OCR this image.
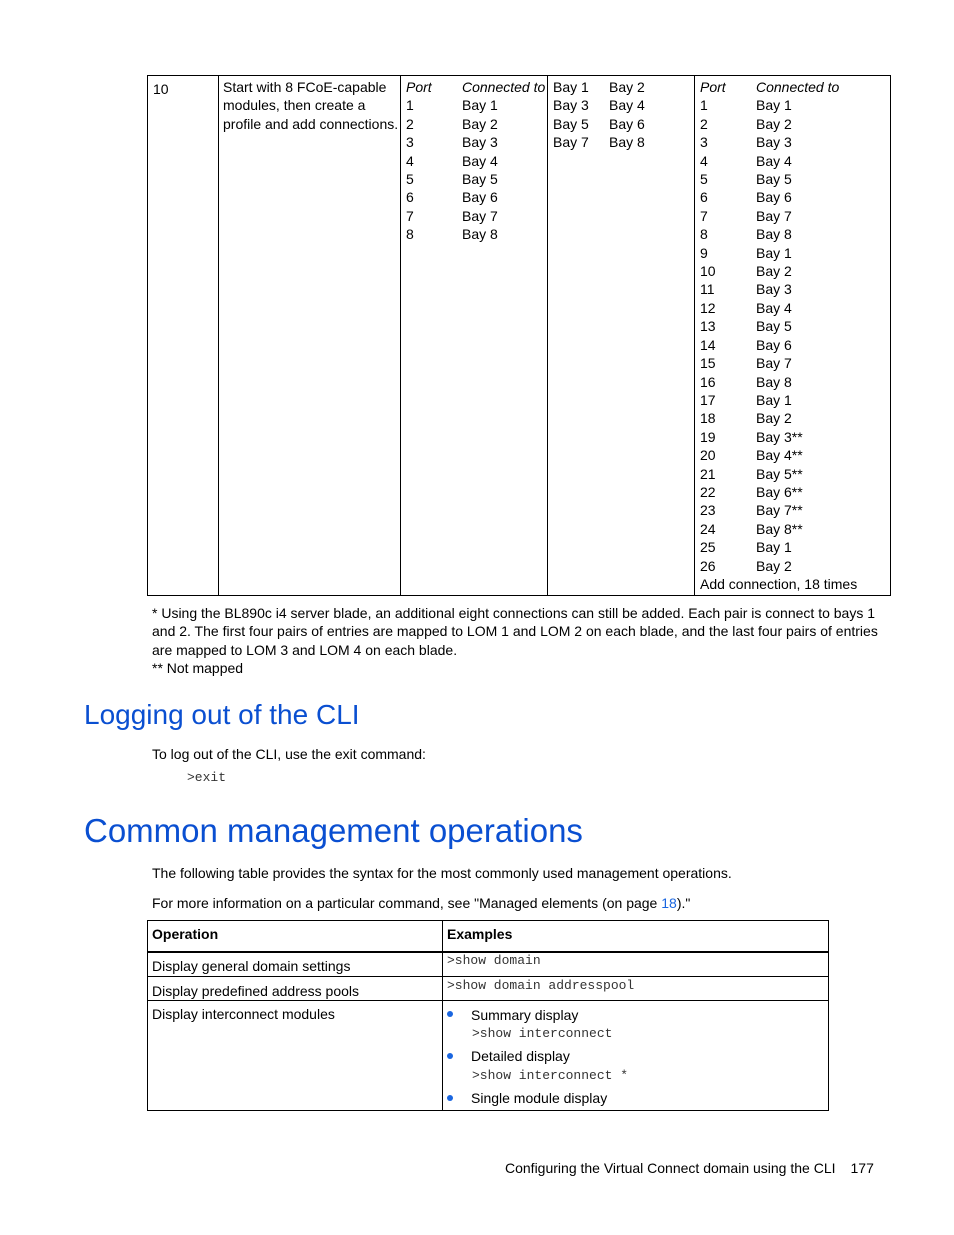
10	Start with 8 FCoE-capable
modules, then create a
profile and add connections.
Port	Connected to
1	Bay 1
2	Bay 2
3	Bay 3
4	Bay 4
5	Bay 5
6	Bay 6
7	Bay 7
8	Bay 8
Bay 1	Bay 2
Bay 3	Bay 4
Bay 5	Bay 6
Bay 7	Bay 8
Port	Connected to
1	Bay 1
2	Bay 2
3	Bay 3
4	Bay 4
5	Bay 5
6	Bay 6
7	Bay 7
8	Bay 8
9	Bay 1
10	Bay 2
11	Bay 3
12	Bay 4
13	Bay 5
14	Bay 6
15	Bay 7
16	Bay 8
17	Bay 1
18	Bay 2
19	Bay 3**
20	Bay 4**
21	Bay 5**
22	Bay 6**
23	Bay 7**
24	Bay 8**
25	Bay 1
26	Bay 2
Add connection, 18 times
* Using the BL890c i4 server blade, an additional eight connections can still be added. Each pair is connect to bays 1
and 2. The first four pairs of entries are mapped to LOM 1 and LOM 2 on each blade, and the last four pairs of entries
are mapped to LOM 3 and LOM 4 on each blade.
** Not mapped
Logging out of the CLI
To log out of the CLI, use the exit command:
>exit
Common management operations
The following table provides the syntax for the most commonly used management operations.
For more information on a particular command, see "Managed elements (on page 18)."
Operation	Examples
Display general domain settings	>show domain
Display predefined address pools	>show domain addresspool
Display interconnect modules	Summary display
>show interconnect
Detailed display
>show interconnect *
Single module display
Configuring the Virtual Connect domain using the CLI 177
